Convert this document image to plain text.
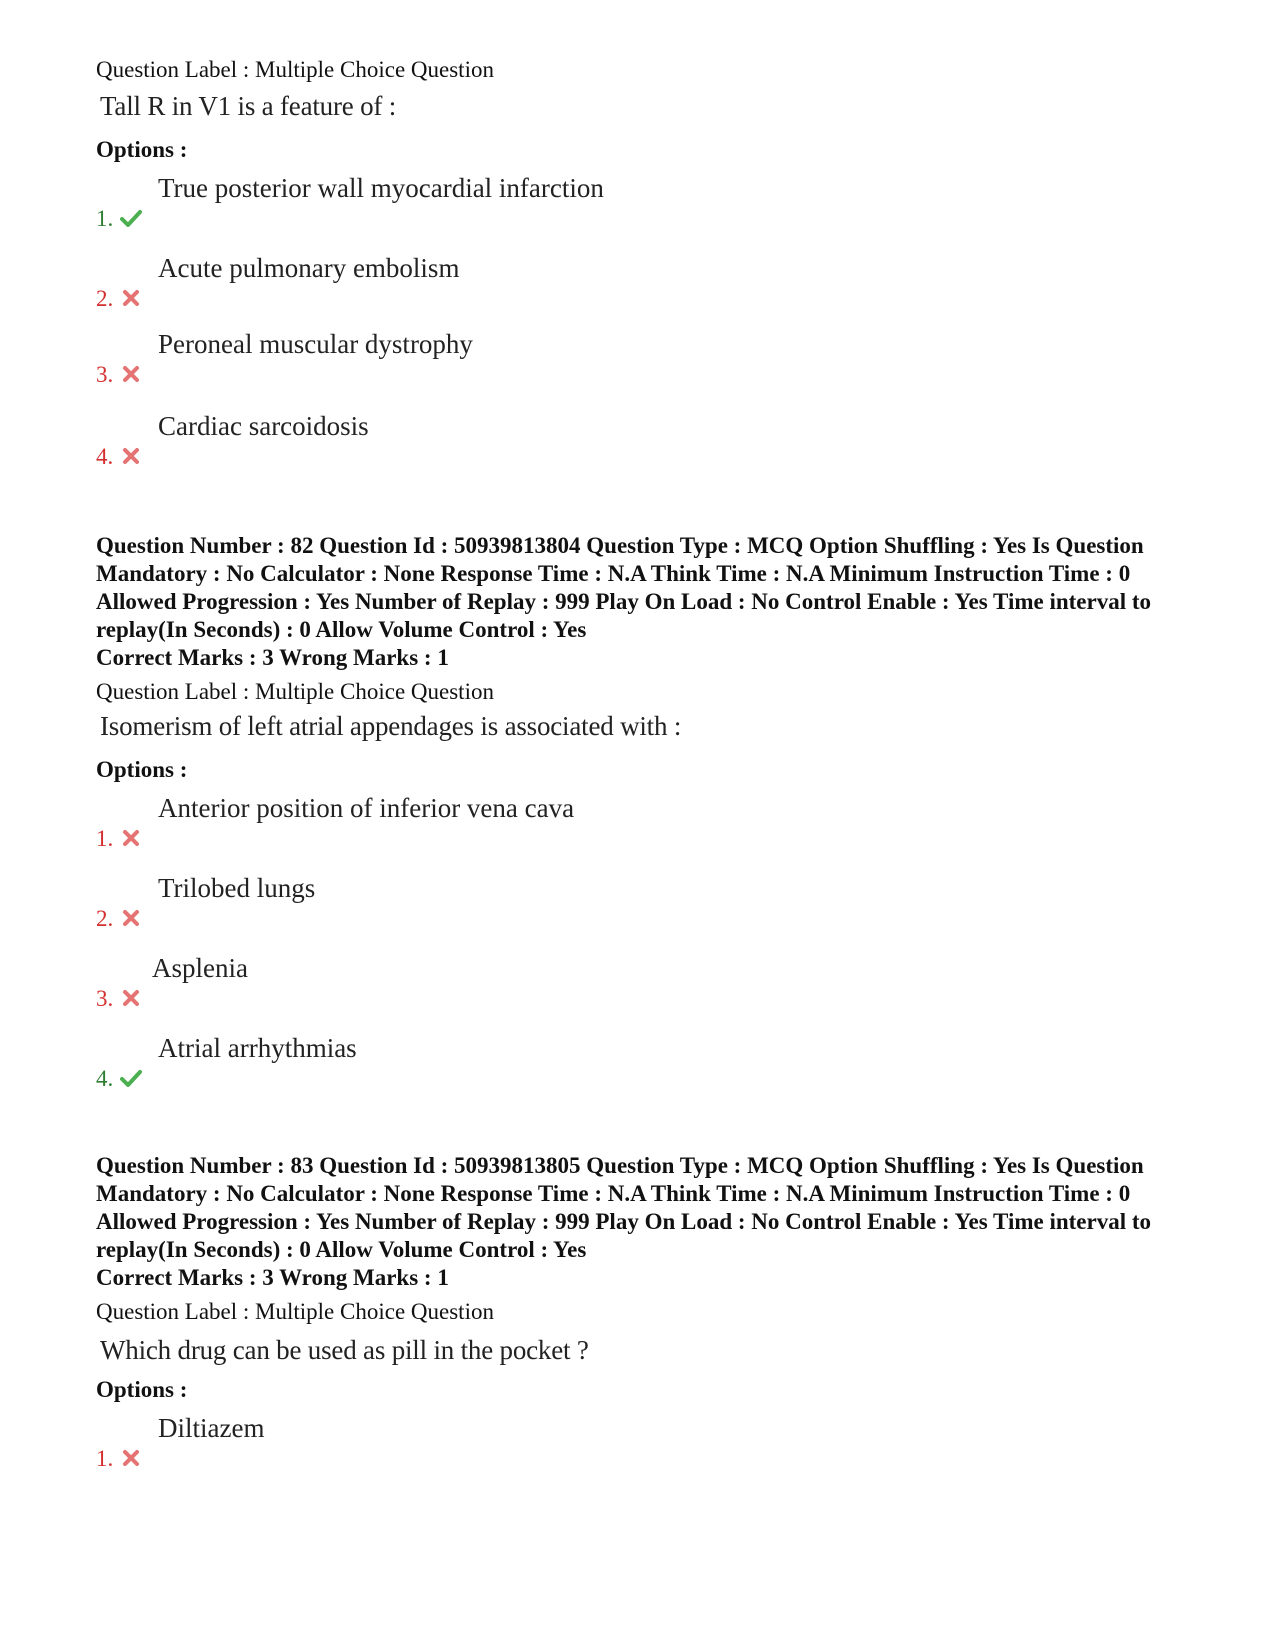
Question Label : Multiple Choice Question
Tall R in V1 is a feature of :
Options :
1.
True posterior wall myocardial infarction
2.
Acute pulmonary embolism
3.
Peroneal muscular dystrophy
4.
Cardiac sarcoidosis
Question Number : 82 Question Id : 50939813804 Question Type : MCQ Option Shuffling : Yes Is Question Mandatory : No Calculator : None Response Time : N.A Think Time : N.A Minimum Instruction Time : 0 Allowed Progression : Yes Number of Replay : 999 Play On Load : No Control Enable : Yes Time interval to replay(In Seconds) : 0 Allow Volume Control : Yes
Correct Marks : 3 Wrong Marks : 1
Question Label : Multiple Choice Question
Isomerism of left atrial appendages is associated with :
Options :
1.
Anterior position of inferior vena cava
2.
Trilobed lungs
3.
Asplenia
4.
Atrial arrhythmias
Question Number : 83 Question Id : 50939813805 Question Type : MCQ Option Shuffling : Yes Is Question Mandatory : No Calculator : None Response Time : N.A Think Time : N.A Minimum Instruction Time : 0 Allowed Progression : Yes Number of Replay : 999 Play On Load : No Control Enable : Yes Time interval to replay(In Seconds) : 0 Allow Volume Control : Yes
Correct Marks : 3 Wrong Marks : 1
Question Label : Multiple Choice Question
Which drug can be used as pill in the pocket ?
Options :
1.
Diltiazem
